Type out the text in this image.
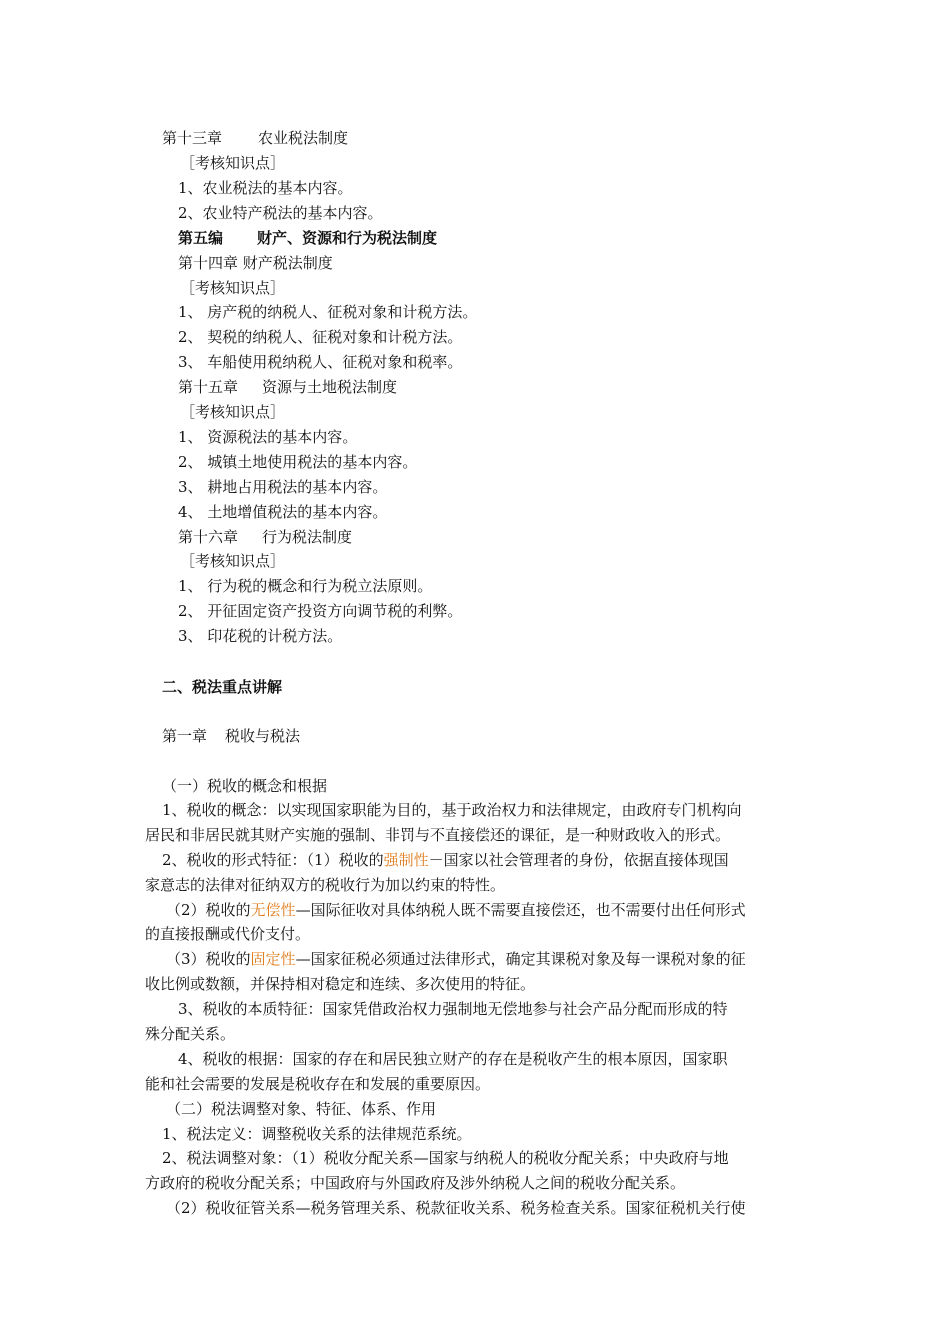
第十三章 农业税法制度
［考核知识点］
1、农业税法的基本内容。
2、农业特产税法的基本内容。
第五编 财产、资源和行为税法制度
第十四章 财产税法制度
［考核知识点］
1、 房产税的纳税人、征税对象和计税方法。
2、 契税的纳税人、征税对象和计税方法。
3、 车船使用税纳税人、征税对象和税率。
第十五章 资源与土地税法制度
［考核知识点］
1、 资源税法的基本内容。
2、 城镇土地使用税法的基本内容。
3、 耕地占用税法的基本内容。
4、 土地增值税法的基本内容。
第十六章 行为税法制度
［考核知识点］
1、 行为税的概念和行为税立法原则。
2、 开征固定资产投资方向调节税的利弊。
3、 印花税的计税方法。
二、税法重点讲解
第一章 税收与税法
（一）税收的概念和根据
1、税收的概念：以实现国家职能为目的，基于政治权力和法律规定，由政府专门机构向
居民和非居民就其财产实施的强制、非罚与不直接偿还的课征，是一种财政收入的形式。
2、税收的形式特征：（1）税收的强制性－国家以社会管理者的身份，依据直接体现国
家意志的法律对征纳双方的税收行为加以约束的特性。
（2）税收的无偿性—国际征收对具体纳税人既不需要直接偿还，也不需要付出任何形式
的直接报酬或代价支付。
（3）税收的固定性—国家征税必须通过法律形式，确定其课税对象及每一课税对象的征
收比例或数额，并保持相对稳定和连续、多次使用的特征。
3、税收的本质特征：国家凭借政治权力强制地无偿地参与社会产品分配而形成的特
殊分配关系。
4、税收的根据：国家的存在和居民独立财产的存在是税收产生的根本原因，国家职
能和社会需要的发展是税收存在和发展的重要原因。
（二）税法调整对象、特征、体系、作用
1、税法定义：调整税收关系的法律规范系统。
2、税法调整对象：（1）税收分配关系—国家与纳税人的税收分配关系；中央政府与地
方政府的税收分配关系；中国政府与外国政府及涉外纳税人之间的税收分配关系。
（2）税收征管关系—税务管理关系、税款征收关系、税务检查关系。国家征税机关行使
